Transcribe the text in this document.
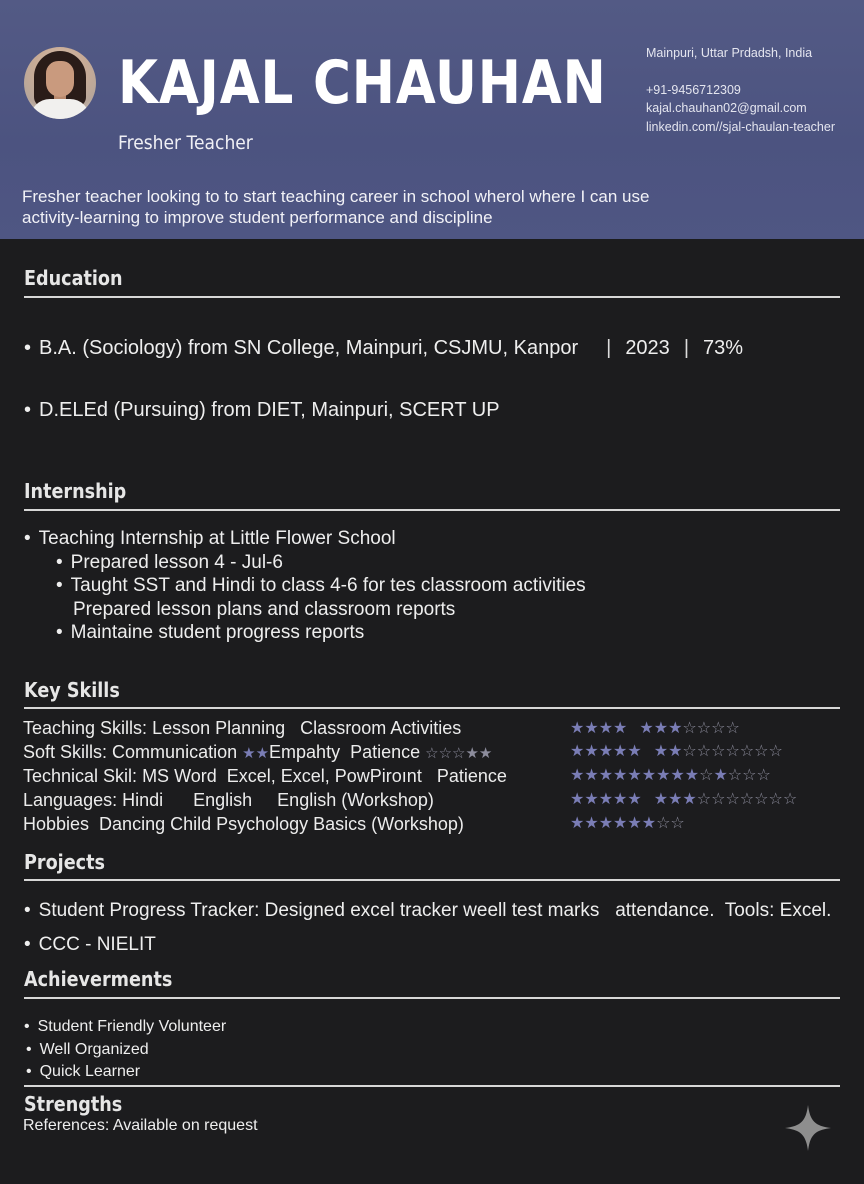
KAJAL CHAUHAN
Fresher Teacher
Mainpuri, Uttar Prdadsh, India
+91-9456712309
kajal.chauhan02@gmail.com
linkedin.com//sjal-chaulan-teacher
Fresher teacher looking to to start teaching career in school wherol where I can use
activity-learning to improve student performance and discipline
Education
• B.A. (Sociology) from SN College, Mainpuri, CSJMU, Kanpor | 2023 | 73%
• D.ELEd (Pursuing) from DIET, Mainpuri, SCERT UP
Internship
• Teaching Internship at Little Flower School
• Prepared lesson 4 - Jul-6
• Taught SST and Hindi to class 4-6 for tes classroom activities
Prepared lesson plans and classroom reports
• Maintaine student progress reports
Key Skills
Teaching Skills: Lesson Planning   Classroom Activities	★★★★ ★★★☆☆☆☆
Soft Skills: Communication ★★Empahty  Patience ☆☆☆★★	★★★★★ ★★☆☆☆☆☆☆☆
Technical Skil: MS Word  Excel, Excel, PowPiroınt   Patience	★★★★★★★★★☆★☆☆☆
Languages: Hindi      English     English (Workshop)	★★★★★ ★★★☆☆☆☆☆☆☆
Hobbies  Dancing Child Psychology Basics (Workshop)	★★★★★★☆☆
Projects
• Student Progress Tracker: Designed excel tracker weell test marks   attendance.  Tools: Excel.
• CCC - NIELIT
Achieverments
• Student Friendly Volunteer
• Well Organized
• Quick Learner
Strengths
References: Available on request
